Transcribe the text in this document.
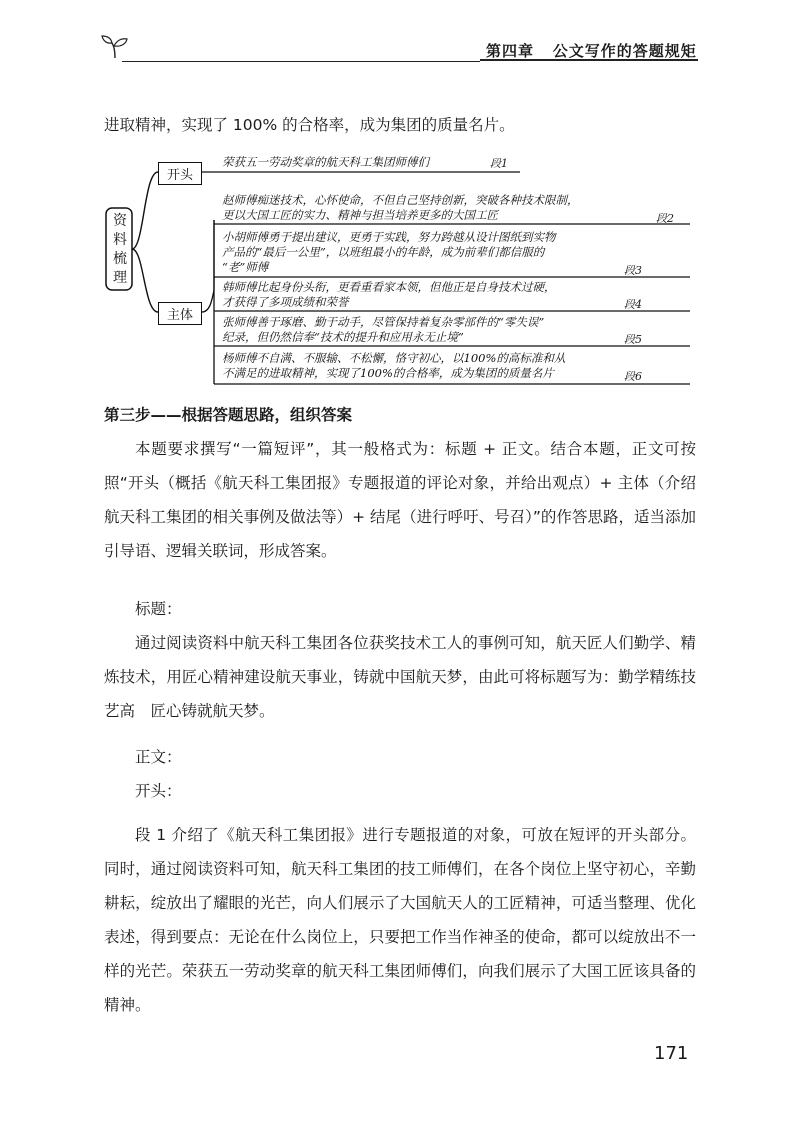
第四章 公文写作的答题规矩
进取精神，实现了 100% 的合格率，成为集团的质量名片。
资
料
梳
理
开头
主体
荣获五一劳动奖章的航天科工集团师傅们	段1
赵师傅痴迷技术，心怀使命，不但自己坚持创新，突破各种技术限制，
更以大国工匠的实力、精神与担当培养更多的大国工匠	段2
小胡师傅勇于提出建议，更勇于实践，努力跨越从设计图纸到实物
产品的“最后一公里”，以班组最小的年龄，成为前辈们都信服的
“老”师傅	段3
韩师傅比起身份头衔，更看重看家本领，但他正是自身技术过硬，
才获得了多项成绩和荣誉	段4
张师傅善于琢磨、勤于动手，尽管保持着复杂零部件的“零失误”
纪录，但仍然信奉“技术的提升和应用永无止境”	段5
杨师傅不自满、不服输、不松懈，恪守初心，以100%的高标准和从
不满足的进取精神，实现了100%的合格率，成为集团的质量名片	段6
第三步——根据答题思路，组织答案
本题要求撰写“一篇短评”，其一般格式为：标题 + 正文。结合本题，正文可按照“开头（概括《航天科工集团报》专题报道的评论对象，并给出观点）+ 主体（介绍航天科工集团的相关事例及做法等）+ 结尾（进行呼吁、号召）”的作答思路，适当添加引导语、逻辑关联词，形成答案。
标题：
通过阅读资料中航天科工集团各位获奖技术工人的事例可知，航天匠人们勤学、精炼技术，用匠心精神建设航天事业，铸就中国航天梦，由此可将标题写为：勤学精练技艺高　匠心铸就航天梦。
正文：
开头：
段 1 介绍了《航天科工集团报》进行专题报道的对象，可放在短评的开头部分。同时，通过阅读资料可知，航天科工集团的技工师傅们，在各个岗位上坚守初心，辛勤耕耘，绽放出了耀眼的光芒，向人们展示了大国航天人的工匠精神，可适当整理、优化表述，得到要点：无论在什么岗位上，只要把工作当作神圣的使命，都可以绽放出不一样的光芒。荣获五一劳动奖章的航天科工集团师傅们，向我们展示了大国工匠该具备的精神。
171
